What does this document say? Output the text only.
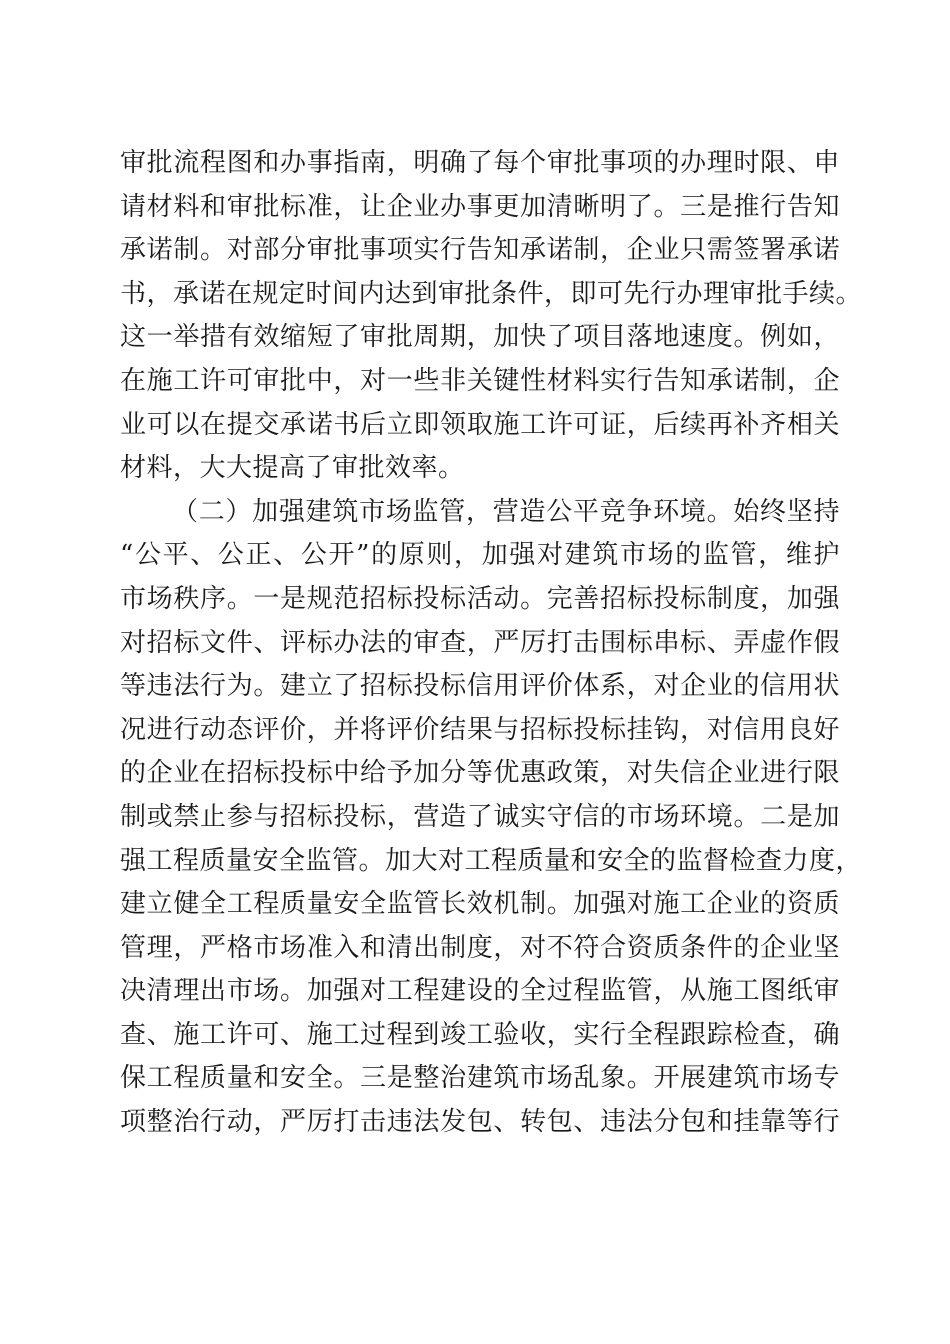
审批流程图和办事指南，明确了每个审批事项的办理时限、申
请材料和审批标准，让企业办事更加清晰明了。三是推行告知
承诺制。对部分审批事项实行告知承诺制，企业只需签署承诺
书，承诺在规定时间内达到审批条件，即可先行办理审批手续。
这一举措有效缩短了审批周期，加快了项目落地速度。例如，
在施工许可审批中，对一些非关键性材料实行告知承诺制，企
业可以在提交承诺书后立即领取施工许可证，后续再补齐相关
材料，大大提高了审批效率。
（二）加强建筑市场监管，营造公平竞争环境。始终坚持
“公平、公正、公开”的原则，加强对建筑市场的监管，维护
市场秩序。一是规范招标投标活动。完善招标投标制度，加强
对招标文件、评标办法的审查，严厉打击围标串标、弄虚作假
等违法行为。建立了招标投标信用评价体系，对企业的信用状
况进行动态评价，并将评价结果与招标投标挂钩，对信用良好
的企业在招标投标中给予加分等优惠政策，对失信企业进行限
制或禁止参与招标投标，营造了诚实守信的市场环境。二是加
强工程质量安全监管。加大对工程质量和安全的监督检查力度，
建立健全工程质量安全监管长效机制。加强对施工企业的资质
管理，严格市场准入和清出制度，对不符合资质条件的企业坚
决清理出市场。加强对工程建设的全过程监管，从施工图纸审
查、施工许可、施工过程到竣工验收，实行全程跟踪检查，确
保工程质量和安全。三是整治建筑市场乱象。开展建筑市场专
项整治行动，严厉打击违法发包、转包、违法分包和挂靠等行
